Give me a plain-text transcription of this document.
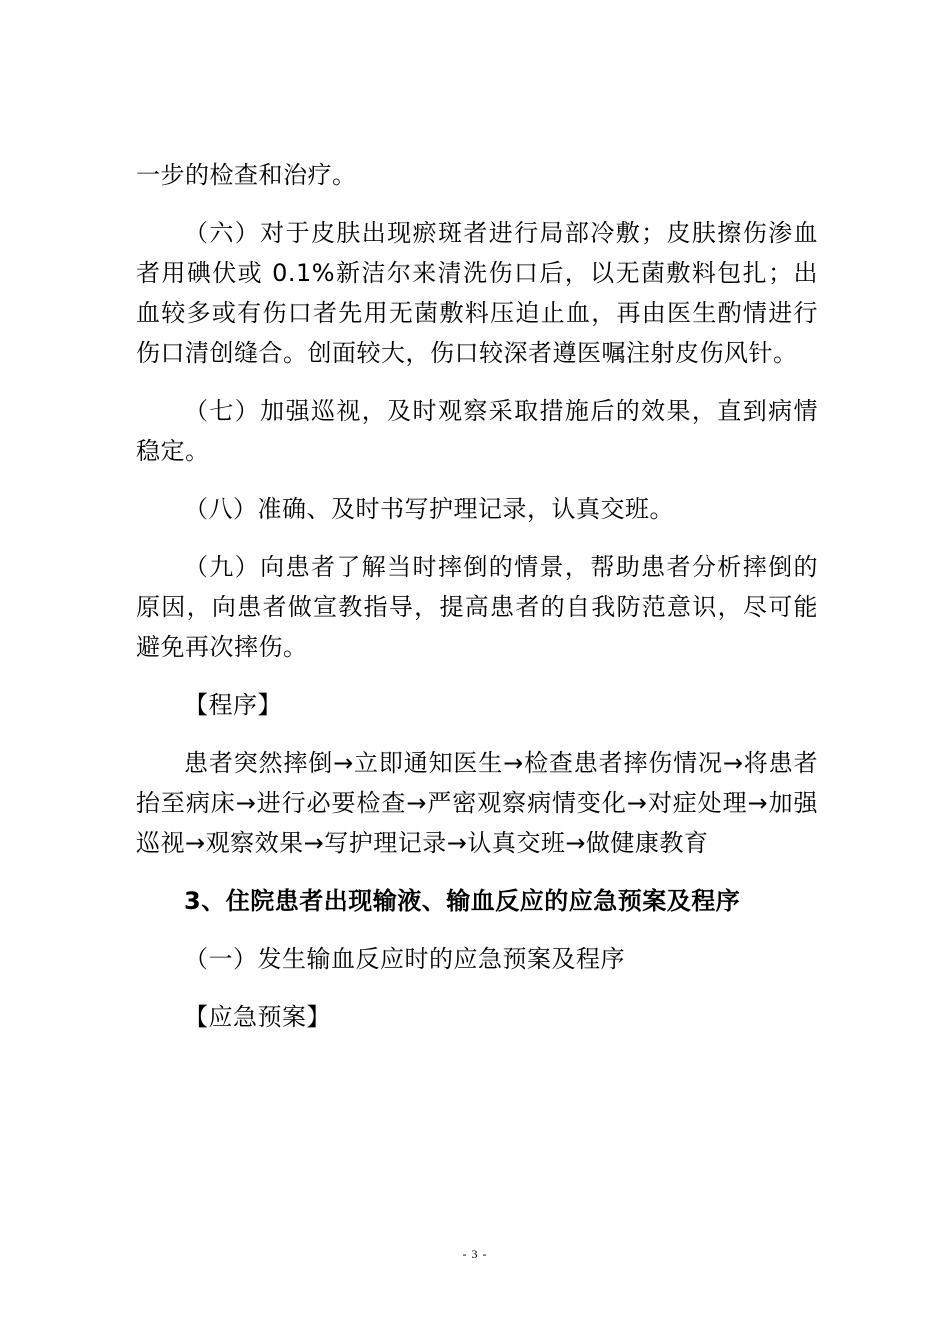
一步的检查和治疗。

（六）对于皮肤出现瘀斑者进行局部冷敷；皮肤擦伤渗血者用碘伏或 0.1%新洁尔来清洗伤口后，以无菌敷料包扎；出血较多或有伤口者先用无菌敷料压迫止血，再由医生酌情进行伤口清创缝合。创面较大，伤口较深者遵医嘱注射皮伤风针。

（七）加强巡视，及时观察采取措施后的效果，直到病情稳定。

（八）准确、及时书写护理记录，认真交班。

（九）向患者了解当时摔倒的情景，帮助患者分析摔倒的原因，向患者做宣教指导，提高患者的自我防范意识，尽可能避免再次摔伤。

【程序】

患者突然摔倒→立即通知医生→检查患者摔伤情况→将患者抬至病床→进行必要检查→严密观察病情变化→对症处理→加强巡视→观察效果→写护理记录→认真交班→做健康教育

3、住院患者出现输液、输血反应的应急预案及程序

（一）发生输血反应时的应急预案及程序

【应急预案】

- 3 -
